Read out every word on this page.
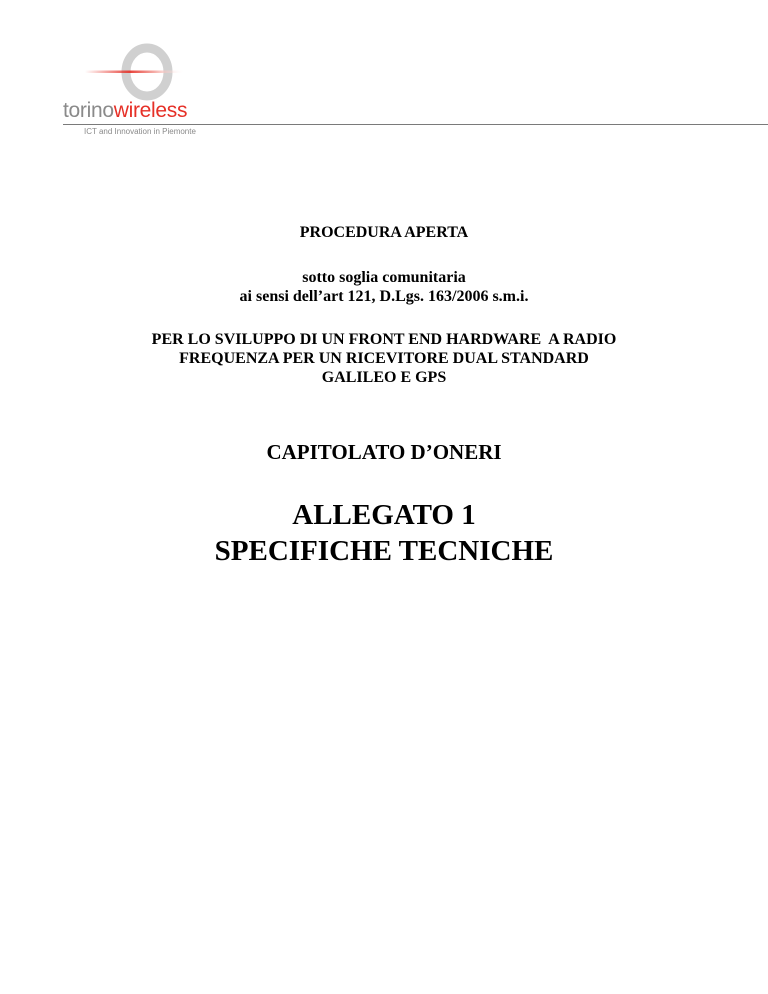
torinowireless
ICT and Innovation in Piemonte
PROCEDURA APERTA
sotto soglia comunitaria
ai sensi dell’art 121, D.Lgs. 163/2006 s.m.i.
PER LO SVILUPPO DI UN FRONT END HARDWARE  A RADIO
FREQUENZA PER UN RICEVITORE DUAL STANDARD
GALILEO E GPS
CAPITOLATO D’ONERI
ALLEGATO 1
SPECIFICHE TECNICHE
